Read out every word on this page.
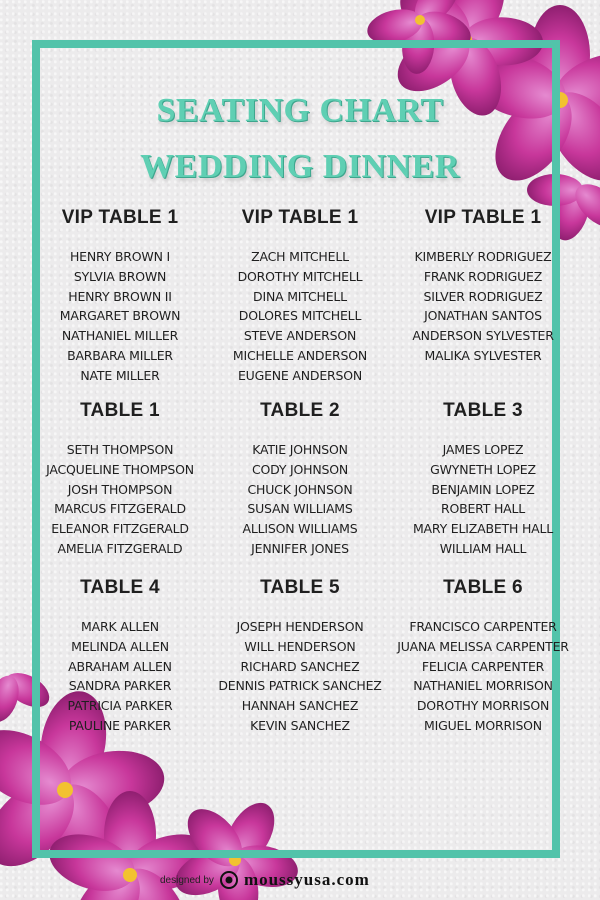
SEATING CHART
WEDDING DINNER
VIP TABLE 1
HENRY BROWN I
SYLVIA BROWN
HENRY BROWN II
MARGARET BROWN
NATHANIEL MILLER
BARBARA MILLER
NATE MILLER
VIP TABLE 1
ZACH MITCHELL
DOROTHY MITCHELL
DINA MITCHELL
DOLORES MITCHELL
STEVE ANDERSON
MICHELLE ANDERSON
EUGENE ANDERSON
VIP TABLE 1
KIMBERLY RODRIGUEZ
FRANK RODRIGUEZ
SILVER RODRIGUEZ
JONATHAN SANTOS
ANDERSON SYLVESTER
MALIKA SYLVESTER
TABLE 1
SETH THOMPSON
JACQUELINE THOMPSON
JOSH THOMPSON
MARCUS FITZGERALD
ELEANOR FITZGERALD
AMELIA FITZGERALD
TABLE 2
KATIE JOHNSON
CODY JOHNSON
CHUCK JOHNSON
SUSAN WILLIAMS
ALLISON WILLIAMS
JENNIFER JONES
TABLE 3
JAMES LOPEZ
GWYNETH LOPEZ
BENJAMIN LOPEZ
ROBERT HALL
MARY ELIZABETH HALL
WILLIAM HALL
TABLE 4
MARK ALLEN
MELINDA ALLEN
ABRAHAM ALLEN
SANDRA PARKER
PATRICIA PARKER
PAULINE PARKER
TABLE 5
JOSEPH HENDERSON
WILL HENDERSON
RICHARD SANCHEZ
DENNIS PATRICK SANCHEZ
HANNAH SANCHEZ
KEVIN SANCHEZ
TABLE 6
FRANCISCO CARPENTER
JUANA MELISSA CARPENTER
FELICIA CARPENTER
NATHANIEL MORRISON
DOROTHY MORRISON
MIGUEL MORRISON
designed by moussyusa.com
